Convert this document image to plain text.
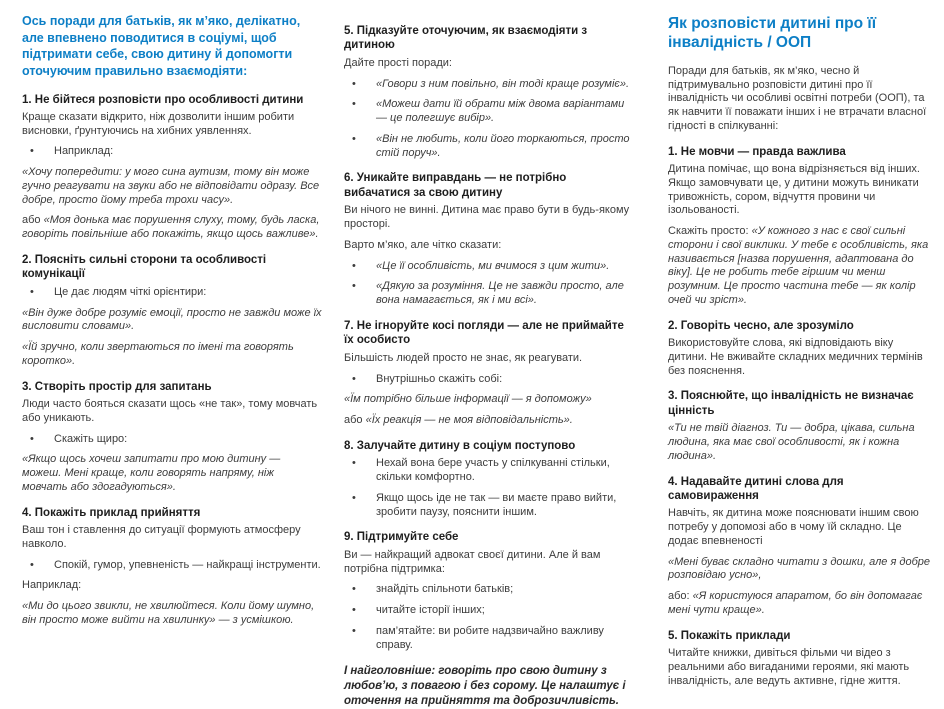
Ось поради для батьків, як м’яко, делікатно, але впевнено поводитися в соціумі, щоб підтримати себе, свою дитину й допомогти оточуючим правильно взаємодіяти:
1. Не бійтеся розповісти про особливості дитини
Краще сказати відкрито, ніж дозволити іншим робити висновки, ґрунтуючись на хибних уявленнях.
•	Наприклад:
«Хочу попередити: у мого сина аутизм, тому він може гучно реагувати на звуки або не відповідати одразу. Все добре, просто йому треба трохи часу».
або «Моя донька має порушення слуху, тому, будь ласка, говоріть повільніше або покажіть, якщо щось важливе».
2. Поясніть сильні сторони та особливості комунікації
•	Це дає людям чіткі орієнтири:
«Він дуже добре розуміє емоції, просто не завжди може їх висловити словами».
«Їй зручно, коли звертаються по імені та говорять коротко».
3. Створіть простір для запитань
Люди часто бояться сказати щось «не так», тому мовчать або уникають.
•	Скажіть щиро:
«Якщо щось хочеш запитати про мою дитину — можеш. Мені краще, коли говорять напряму, ніж мовчать або здогадуються».
4. Покажіть приклад прийняття
Ваш тон і ставлення до ситуації формують атмосферу навколо.
•	Спокій, гумор, упевненість — найкращі інструменти.
Наприклад:
«Ми до цього звикли, не хвилюйтеся. Коли йому шумно, він просто може вийти на хвилинку» — з усмішкою.
5. Підказуйте оточуючим, як взаємодіяти з дитиною
Дайте прості поради:
•	«Говори з ним повільно, він тоді краще розуміє».
•	«Можеш дати їй обрати між двома варіантами — це полегшує вибір».
•	«Він не любить, коли його торкаються, просто стій поруч».
6. Уникайте виправдань — не потрібно вибачатися за свою дитину
Ви нічого не винні. Дитина має право бути в будь-якому просторі.
Варто м’яко, але чітко сказати:
•	«Це її особливість, ми вчимося з цим жити».
•	«Дякую за розуміння. Це не завжди просто, але вона намагається, як і ми всі».
7. Не ігноруйте косі погляди — але не приймайте їх особисто
Більшість людей просто не знає, як реагувати.
•	Внутрішньо скажіть собі:
«Їм потрібно більше інформації — я допоможу»
або «Їх реакція — не моя відповідальність».
8. Залучайте дитину в соціум поступово
•	Нехай вона бере участь у спілкуванні стільки, скільки комфортно.
•	Якщо щось іде не так — ви маєте право вийти, зробити паузу, пояснити іншим.
9. Підтримуйте себе
Ви — найкращий адвокат своєї дитини. Але й вам потрібна підтримка:
•	знайдіть спільноти батьків;
•	читайте історії інших;
•	пам’ятайте: ви робите надзвичайно важливу справу.
І найголовніше: говоріть про свою дитину з любов’ю, з повагою і без сорому. Це налаштує і оточення на прийняття та доброзичливість.
Як розповісти дитині про її інвалідність / ООП
Поради для батьків, як м’яко, чесно й підтримувально розповісти дитині про її інвалідність чи особливі освітні потреби (ООП), та як навчити її поважати інших і не втрачати власної гідності в спілкуванні:
1. Не мовчи — правда важлива
Дитина помічає, що вона відрізняється від інших. Якщо замовчувати це, у дитини можуть виникати тривожність, сором, відчуття провини чи ізольованості.
Скажіть просто: «У кожного з нас є свої сильні сторони і свої виклики. У тебе є особливість, яка називається [назва порушення, адаптована до віку]. Це не робить тебе гіршим чи менш розумним. Це просто частина тебе — як колір очей чи зріст».
2. Говоріть чесно, але зрозуміло
Використовуйте слова, які відповідають віку дитини. Не вживайте складних медичних термінів без пояснення.
3. Пояснюйте, що інвалідність не визначає цінність
«Ти не твій діагноз. Ти — добра, цікава, сильна людина, яка має свої особливості, як і кожна людина».
4. Надавайте дитині слова для самовираження
Навчіть, як дитина може пояснювати іншим свою потребу у допомозі або в чому їй складно. Це додає впевненості
«Мені буває складно читати з дошки, але я добре розповідаю усно»,
або: «Я користуюся апаратом, бо він допомагає мені чути краще».
5. Покажіть приклади
Читайте книжки, дивіться фільми чи відео з реальними або вигаданими героями, які мають інвалідність, але ведуть активне, гідне життя.
